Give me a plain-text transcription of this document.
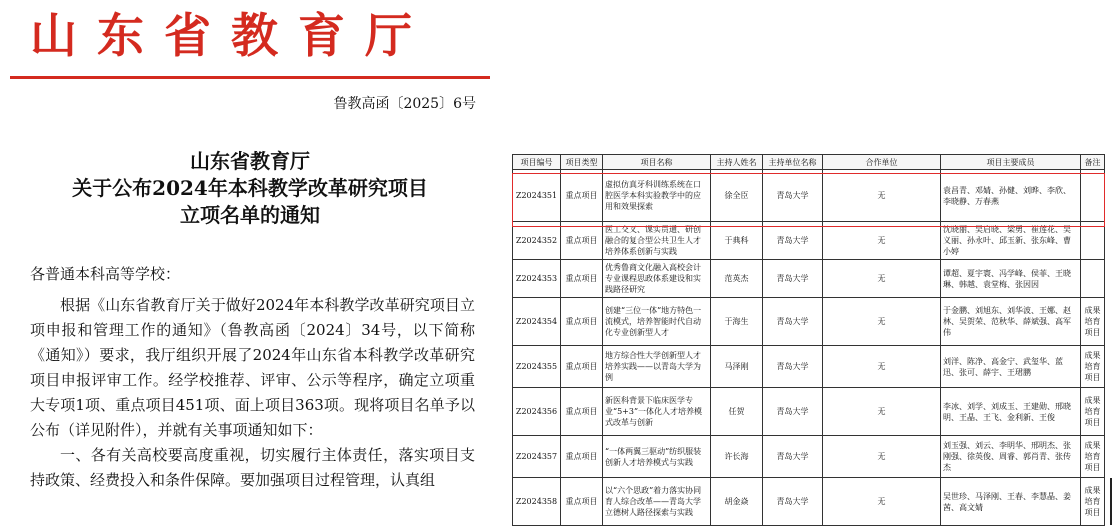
山东省教育厅
鲁教高函〔2025〕6号
山东省教育厅
关于公布2024年本科教学改革研究项目
立项名单的通知
各普通本科高等学校：

根据《山东省教育厅关于做好2024年本科教学改革研究项目立项申报和管理工作的通知》（鲁教高函〔2024〕34号，以下简称《通知》）要求，我厅组织开展了2024年山东省本科教学改革研究项目申报评审工作。经学校推荐、评审、公示等程序，确定立项重大专项1项、重点项目451项、面上项目363项。现将项目名单予以公布（详见附件），并就有关事项通知如下：

一、各有关高校要高度重视，切实履行主体责任，落实项目支持政策、经费投入和条件保障。要加强项目过程管理，认真组

项目编号	项目类型	项目名称	主持人姓名	主持单位名称	合作单位	项目主要成员	备注
Z2024351	重点项目	虚拟仿真牙科训练系统在口腔医学本科实验教学中的应用和效果探索	徐全臣	青岛大学	无	袁昌青、邓婧、孙健、刘晔、李欣、李晓静、万春燕	
Z2024352	重点项目	医工交叉、课实贯通、研创融合的复合型公共卫生人才培养体系创新与实践	于典科	青岛大学	无	沈晓丽、吴启晓、梁勇、崔莲花、吴义丽、孙永叶、邱玉新、张东峰、曹小婷	
Z2024353	重点项目	优秀鲁商文化融入高校会计专业课程思政体系建设和实践路径研究	范英杰	青岛大学	无	谭超、夏宇寰、冯学峰、侯菲、王晓琳、韩越、袁堂梅、张因因	
Z2024354	重点项目	创建“三位一体”地方特色一流模式，培养智能时代自动化专业创新型人才	于海生	青岛大学	无	于金鹏、刘旭东、刘华波、王娜、赵林、吴贺荣、范秋华、薛斌强、高军伟	成果培育项目
Z2024355	重点项目	地方综合性大学创新型人才培养实践——以青岛大学为例	马泽刚	青岛大学	无	刘洋、陈净、高金宁、武玺华、蓝迅、张可、薛宇、王珺鹏	成果培育项目
Z2024356	重点项目	新医科背景下临床医学专业“5+3”一体化人才培养模式改革与创新	任贺	青岛大学	无	李冰、刘学、刘成玉、王建勋、邢晓明、王晶、王飞、金利新、王俊	成果培育项目
Z2024357	重点项目	“一体两翼三驱动”纺织服装创新人才培养模式与实践	许长海	青岛大学	无	刘玉强、刘云、李明华、邢明杰、张刚强、徐英俊、周睿、郭肖青、张传杰	成果培育项目
Z2024358	重点项目	以“六个思政”着力落实协同育人综合改革——青岛大学立德树人路径探索与实践	胡金焱	青岛大学	无	吴世珍、马泽刚、王春、李慧晶、姜茜、高文婧	成果培育项目
